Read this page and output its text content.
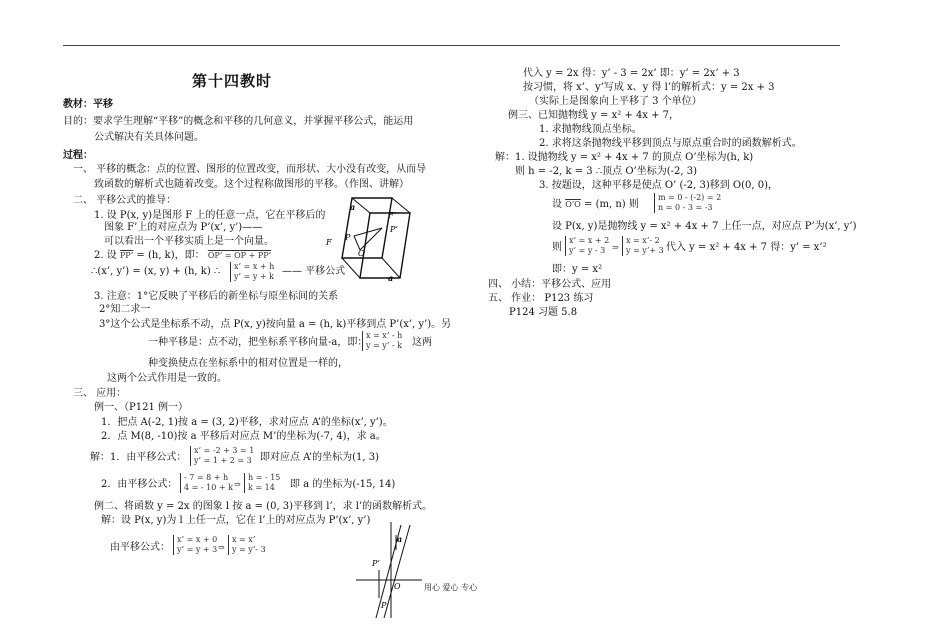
第十四教时
教材：平移
目的：要求学生理解“平移”的概念和平移的几何意义，并掌握平移公式，能运用
公式解决有关具体问题。
过程：
一、 平移的概念：点的位置、图形的位置改变，而形状、大小没有改变，从而导
致函数的解析式也随着改变。这个过程称做图形的平移。（作图、讲解）
二、 平移公式的推导：
1. 设 P(x, y)是图形 F 上的任意一点，它在平移后的
图象 F’上的对应点为 P’(x’, y’)——
可以看出一个平移实质上是一个向量。
2. 设 PP’ = (h, k)，即： OP’ = OP + PP’
∴(x’, y’) = (x, y) + (h, k) ∴ x’ = x + h
y’ = y + k —— 平移公式
3. 注意：1°它反映了平移后的新坐标与原坐标间的关系
2°知二求一
3°这个公式是坐标系不动，点 P(x, y)按向量 a = (h, k)平移到点 P’(x’, y’)。另
一种平移是：点不动，把坐标系平移向量-a，即：
x = x’ - h
y = y’ - k 这两
种变换使点在坐标系中的相对位置是一样的，
这两个公式作用是一致的。
三、 应用：
例一、（P121 例一）
1．把点 A(-2, 1)按 a = (3, 2)平移，求对应点 A’的坐标(x’, y’)。
2．点 M(8, -10)按 a 平移后对应点 M’的坐标为(-7, 4)，求 a。
解：1．由平移公式：
x’ = -2 + 3 = 1
y’ = 1 + 2 = 3 即对应点 A’的坐标为(1, 3)
2．由平移公式：
- 7 = 8 + h
4 = - 10 + k ⇒
h = - 15
k = 14	即 a 的坐标为(-15, 14)
例二、将函数 y = 2x 的图象 l 按 a = (0, 3)平移到 l’，求 l’的函数解析式。
解：设 P(x, y)为 l 上任一点，它在 l’上的对应点为 P’(x’, y’)
由平移公式：
x’ = x + 0
y’ = y + 3 ⇒
x = x’
y = y’- 3
a
F’
P’
P
F
O
a
a
P’
O
P
代入 y = 2x 得：y’ - 3 = 2x’ 即：y’ = 2x’ + 3
按习惯，将 x’、y’写成 x、y 得 l’的解析式：y = 2x + 3
（实际上是图象向上平移了 3 个单位）
例三、已知抛物线 y = x² + 4x + 7，
1. 求抛物线顶点坐标。
2. 求将这条抛物线平移到顶点与原点重合时的函数解析式。
解：1. 设抛物线 y = x² + 4x + 7 的顶点 O’坐标为(h, k)
则 h = -2, k = 3 ∴顶点 O’坐标为(-2, 3)
3. 按题设，这种平移是使点 O’ (-2, 3)移到 O(0, 0)，
设 O’O = (m, n) 则
m = 0 - (-2) = 2
n = 0 - 3 = -3
设 P(x, y)是抛物线 y = x² + 4x + 7 上任一点，对应点 P’为(x’, y’)
则
x’ = x + 2
y’ = y - 3 ⇒
x = x’- 2
y = y’+ 3 代入 y = x² + 4x + 7 得：y’ = x’²
即：y = x²
四、 小结：平移公式、应用
五、 作业： P123 练习
P124 习题 5.8
用心 爱心 专心
